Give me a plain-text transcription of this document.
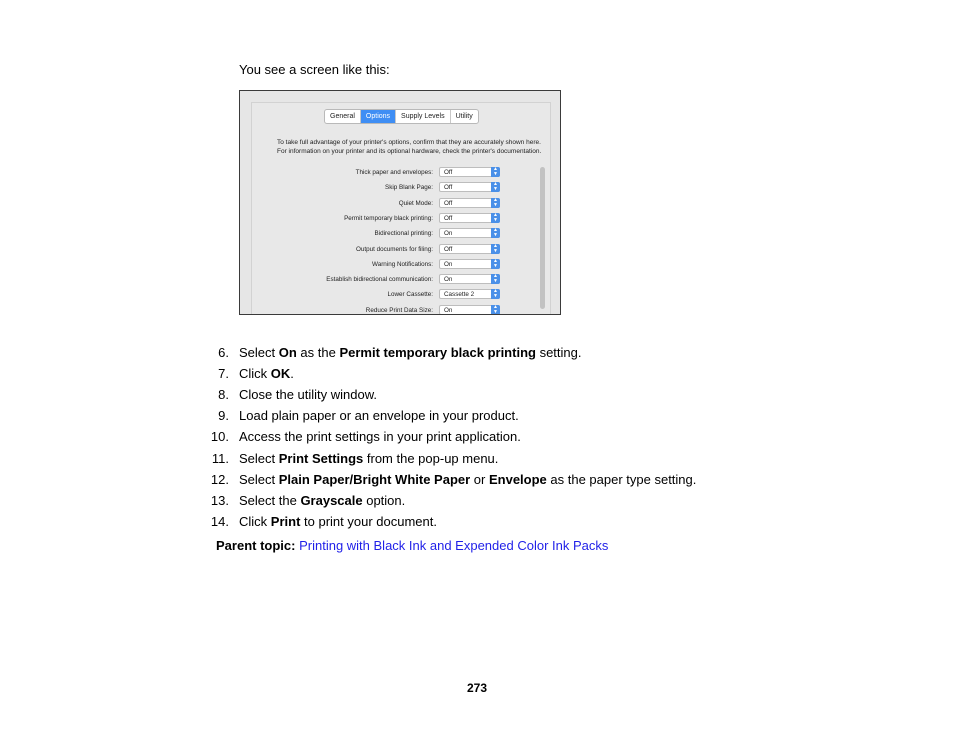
You see a screen like this:
General	Options	Supply Levels	Utility
To take full advantage of your printer's options, confirm that they are accurately shown here. For information on your printer and its optional hardware, check the printer's documentation.
Thick paper and envelopes: Off	▲
▼
Skip Blank Page: Off	▲
▼
Quiet Mode: Off	▲
▼
Permit temporary black printing: Off	▲
▼
Bidirectional printing: On	▲
▼
Output documents for filing: Off	▲
▼
Warning Notifications: On	▲
▼
Establish bidirectional communication: On	▲
▼
Lower Cassette: Cassette 2	▲
▼
Reduce Print Data Size: On	▲
▼
6. Select On as the Permit temporary black printing setting.
7. Click OK.
8. Close the utility window.
9. Load plain paper or an envelope in your product.
10. Access the print settings in your print application.
11. Select Print Settings from the pop-up menu.
12. Select Plain Paper/Bright White Paper or Envelope as the paper type setting.
13. Select the Grayscale option.
14. Click Print to print your document.
Parent topic: Printing with Black Ink and Expended Color Ink Packs
273
